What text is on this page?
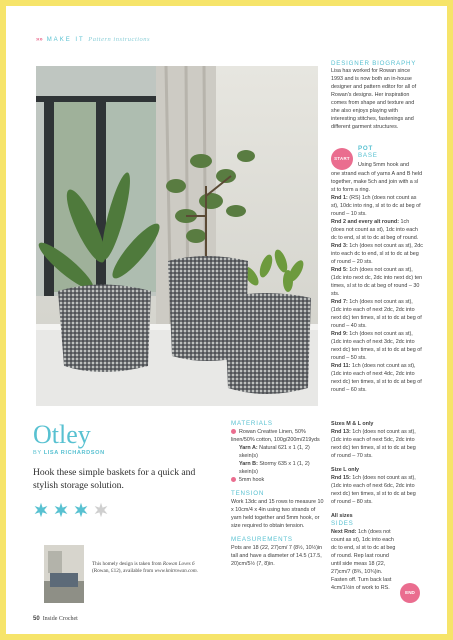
»» MAKE IT Pattern instructions
DESIGNER BIOGRAPHY

Lisa has worked for Rowan since 1993 and is now both an in-house designer and pattern editor for all of Rowan's designs. Her inspiration comes from shape and texture and she also enjoys playing with interesting stitches, fastenings and different garment structures.

START
POT
BASE
Using 5mm hook and

one strand each of yarns A and B held together, make 5ch and join with a sl st to form a ring.

Rnd 1: (RS) 1ch (does not count as st), 10dc into ring, sl st to dc at beg of round – 10 sts.

Rnd 2 and every alt round: 1ch (does not count as st), 1dc into each dc to end, sl st to dc at beg of round.

Rnd 3: 1ch (does not count as st), 2dc into each dc to end, sl st to dc at beg of round – 20 sts.

Rnd 5: 1ch (does not count as st), (1dc into next dc, 2dc into next dc) ten times, sl st to dc at beg of round – 30 sts.

Rnd 7: 1ch (does not count as st), (1dc into each of next 2dc, 2dc into next dc) ten times, sl st to dc at beg of round – 40 sts.

Rnd 9: 1ch (does not count as st), (1dc into each of next 3dc, 2dc into next dc) ten times, sl st to dc at beg of round – 50 sts.

Rnd 11: 1ch (does not count as st), (1dc into each of next 4dc, 2dc into next dc) ten times, sl st to dc at beg of round – 60 sts.

Otley
BY LISA RICHARDSON
Hook these simple baskets for a quick and stylish storage solution.
This homely design is taken from Rowan Loves 6 (Rowan, £12), available from www.knitrowan.com.
MATERIALS

Rowan Creative Linen, 50% linen/50% cotton, 100g/200m/219yds

Yarn A: Natural 621 x 1 (1, 2) skein(s)

Yarn B: Stormy 635 x 1 (1, 2) skein(s)

5mm hook

TENSION

Work 13dc and 15 rows to measure 10 x 10cm/4 x 4in using two strands of yarn held together and 5mm hook, or size required to obtain tension.

MEASUREMENTS

Pots are 18 (22, 27)cm/ 7 (8½, 10½)in tall and have a diameter of 14.5 (17.5, 20)cm/5½ (7, 8)in.

Sizes M & L only

Rnd 13: 1ch (does not count as st), (1dc into each of next 5dc, 2dc into next dc) ten times, sl st to dc at beg of round – 70 sts.

Size L only

Rnd 15: 1ch (does not count as st), (1dc into each of next 6dc, 2dc into next dc) ten times, sl st to dc at beg of round – 80 sts.

All sizes

SIDES

Next Rnd: 1ch (does not count as st), 1dc into each dc to end, sl st to dc at beg of round. Rep last round until side meas 18 (22, 27)cm/7 (8¾, 10¾)in. Fasten off. Turn back last 4cm/1½in of work to RS.

END
50 Inside Crochet
